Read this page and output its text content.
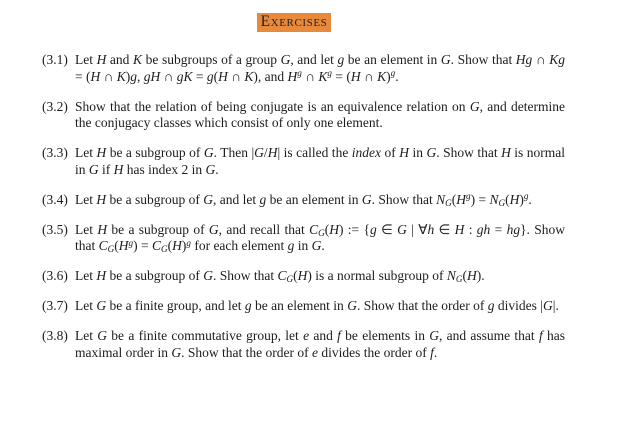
Exercises
(3.1) Let H and K be subgroups of a group G, and let g be an element in G. Show that Hg ∩ Kg = (H ∩ K)g, gH ∩ gK = g(H ∩ K), and $H^g$ ∩ $K^g = (H$ ∩ K)$^g$.
(3.2) Show that the relation of being conjugate is an equivalence relation on G, and determine the conjugacy classes which consist of only one element.
(3.3) Let H be a subgroup of G. Then |G/H| is called the index of H in G. Show that H is normal in G if H has index 2 in G.
(3.4) Let H be a subgroup of G, and let g be an element in G. Show that $N_G(H^g) = N_G(H)^g$.
(3.5) Let H be a subgroup of G, and recall that $C_G(H)$ := {g ∈ G | ∀h ∈ H : gh = hg}. Show that $C_G(H^g) = C_G(H)^g$ for each element g in G.
(3.6) Let H be a subgroup of G. Show that $C_G(H)$ is a normal subgroup of $N_G(H)$.
(3.7) Let G be a finite group, and let g be an element in G. Show that the order of g divides |G|.
(3.8) Let G be a finite commutative group, let e and f be elements in G, and assume that f has maximal order in G. Show that the order of e divides the order of f.
